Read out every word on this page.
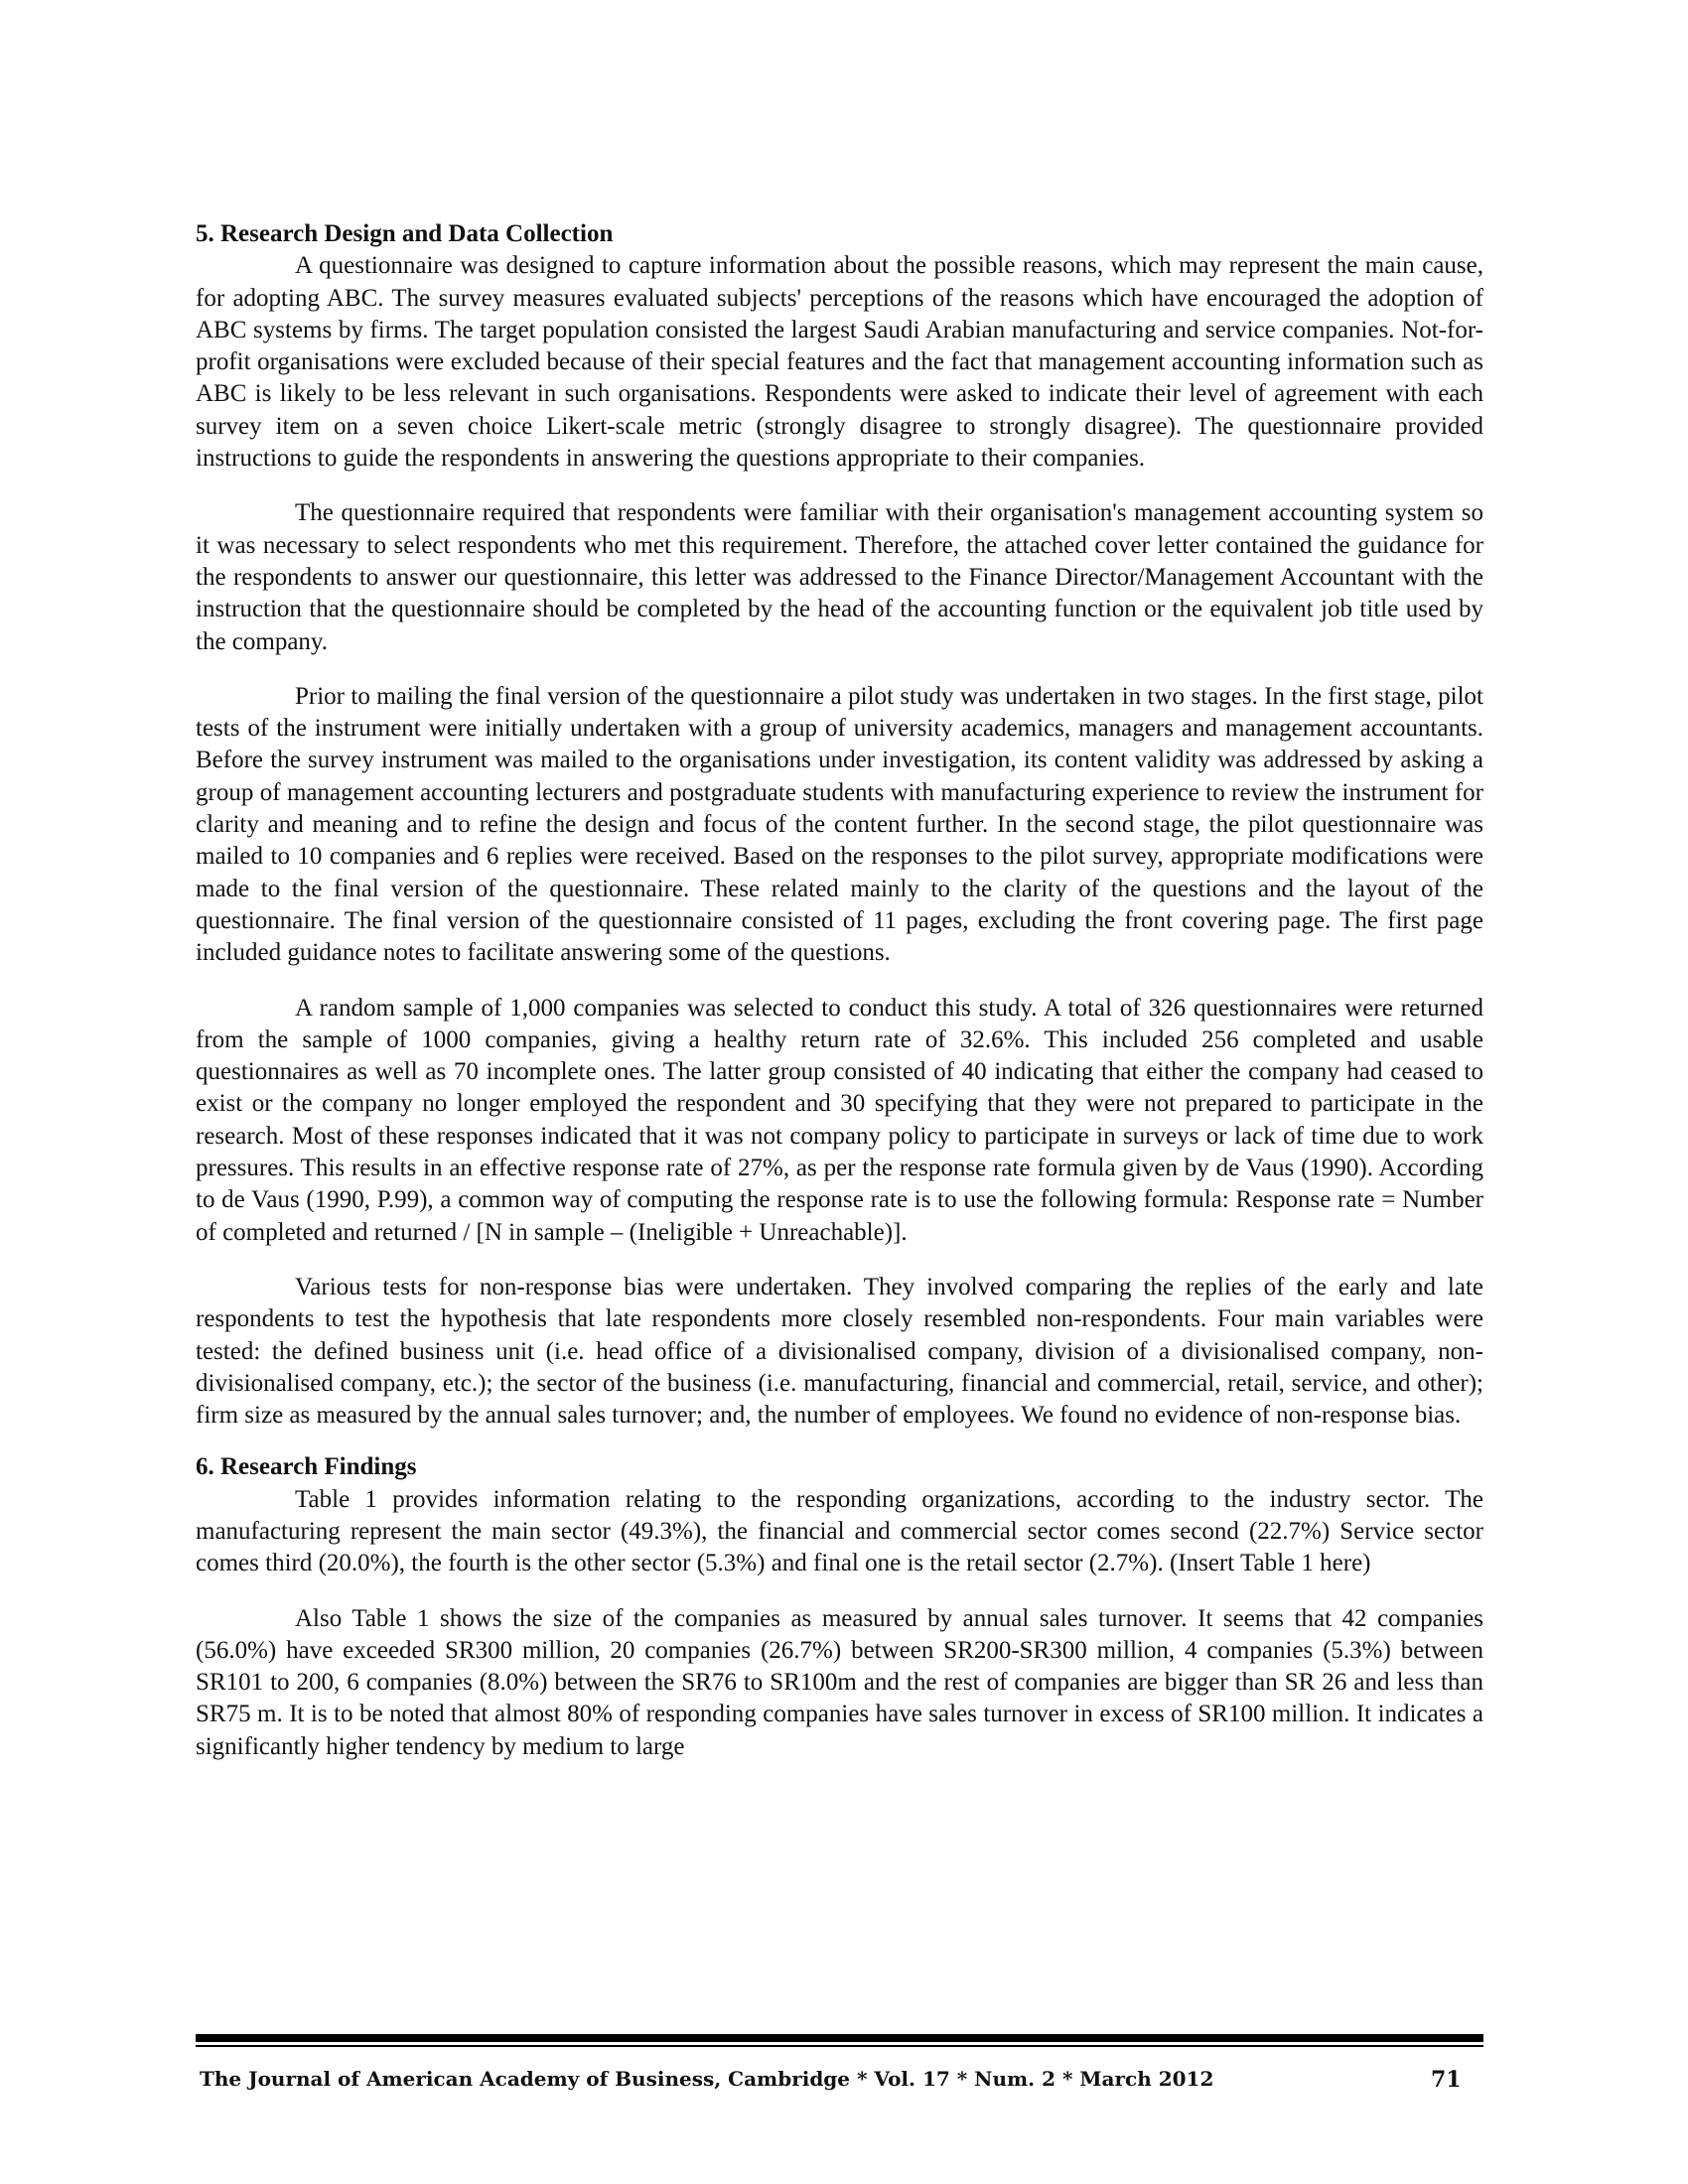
5. Research Design and Data Collection

A questionnaire was designed to capture information about the possible reasons, which may represent the main cause, for adopting ABC. The survey measures evaluated subjects' perceptions of the reasons which have encouraged the adoption of ABC systems by firms. The target population consisted the largest Saudi Arabian manufacturing and service companies. Not-for-profit organisations were excluded because of their special features and the fact that management accounting information such as ABC is likely to be less relevant in such organisations. Respondents were asked to indicate their level of agreement with each survey item on a seven choice Likert-scale metric (strongly disagree to strongly disagree). The questionnaire provided instructions to guide the respondents in answering the questions appropriate to their companies.

The questionnaire required that respondents were familiar with their organisation's management accounting system so it was necessary to select respondents who met this requirement. Therefore, the attached cover letter contained the guidance for the respondents to answer our questionnaire, this letter was addressed to the Finance Director/Management Accountant with the instruction that the questionnaire should be completed by the head of the accounting function or the equivalent job title used by the company.

Prior to mailing the final version of the questionnaire a pilot study was undertaken in two stages. In the first stage, pilot tests of the instrument were initially undertaken with a group of university academics, managers and management accountants. Before the survey instrument was mailed to the organisations under investigation, its content validity was addressed by asking a group of management accounting lecturers and postgraduate students with manufacturing experience to review the instrument for clarity and meaning and to refine the design and focus of the content further. In the second stage, the pilot questionnaire was mailed to 10 companies and 6 replies were received. Based on the responses to the pilot survey, appropriate modifications were made to the final version of the questionnaire. These related mainly to the clarity of the questions and the layout of the questionnaire. The final version of the questionnaire consisted of 11 pages, excluding the front covering page. The first page included guidance notes to facilitate answering some of the questions.

A random sample of 1,000 companies was selected to conduct this study. A total of 326 questionnaires were returned from the sample of 1000 companies, giving a healthy return rate of 32.6%. This included 256 completed and usable questionnaires as well as 70 incomplete ones. The latter group consisted of 40 indicating that either the company had ceased to exist or the company no longer employed the respondent and 30 specifying that they were not prepared to participate in the research. Most of these responses indicated that it was not company policy to participate in surveys or lack of time due to work pressures. This results in an effective response rate of 27%, as per the response rate formula given by de Vaus (1990). According to de Vaus (1990, P.99), a common way of computing the response rate is to use the following formula: Response rate = Number of completed and returned / [N in sample – (Ineligible + Unreachable)].

Various tests for non-response bias were undertaken. They involved comparing the replies of the early and late respondents to test the hypothesis that late respondents more closely resembled non-respondents. Four main variables were tested: the defined business unit (i.e. head office of a divisionalised company, division of a divisionalised company, non-divisionalised company, etc.); the sector of the business (i.e. manufacturing, financial and commercial, retail, service, and other); firm size as measured by the annual sales turnover; and, the number of employees. We found no evidence of non-response bias.

6. Research Findings

Table 1 provides information relating to the responding organizations, according to the industry sector. The manufacturing represent the main sector (49.3%), the financial and commercial sector comes second (22.7%) Service sector comes third (20.0%), the fourth is the other sector (5.3%) and final one is the retail sector (2.7%). (Insert Table 1 here)

Also Table 1 shows the size of the companies as measured by annual sales turnover. It seems that 42 companies (56.0%) have exceeded SR300 million, 20 companies (26.7%) between SR200-SR300 million, 4 companies (5.3%) between SR101 to 200, 6 companies (8.0%) between the SR76 to SR100m and the rest of companies are bigger than SR 26 and less than SR75 m. It is to be noted that almost 80% of responding companies have sales turnover in excess of SR100 million. It indicates a significantly higher tendency by medium to large

The Journal of American Academy of Business, Cambridge * Vol. 17 * Num. 2 * March 2012	71
